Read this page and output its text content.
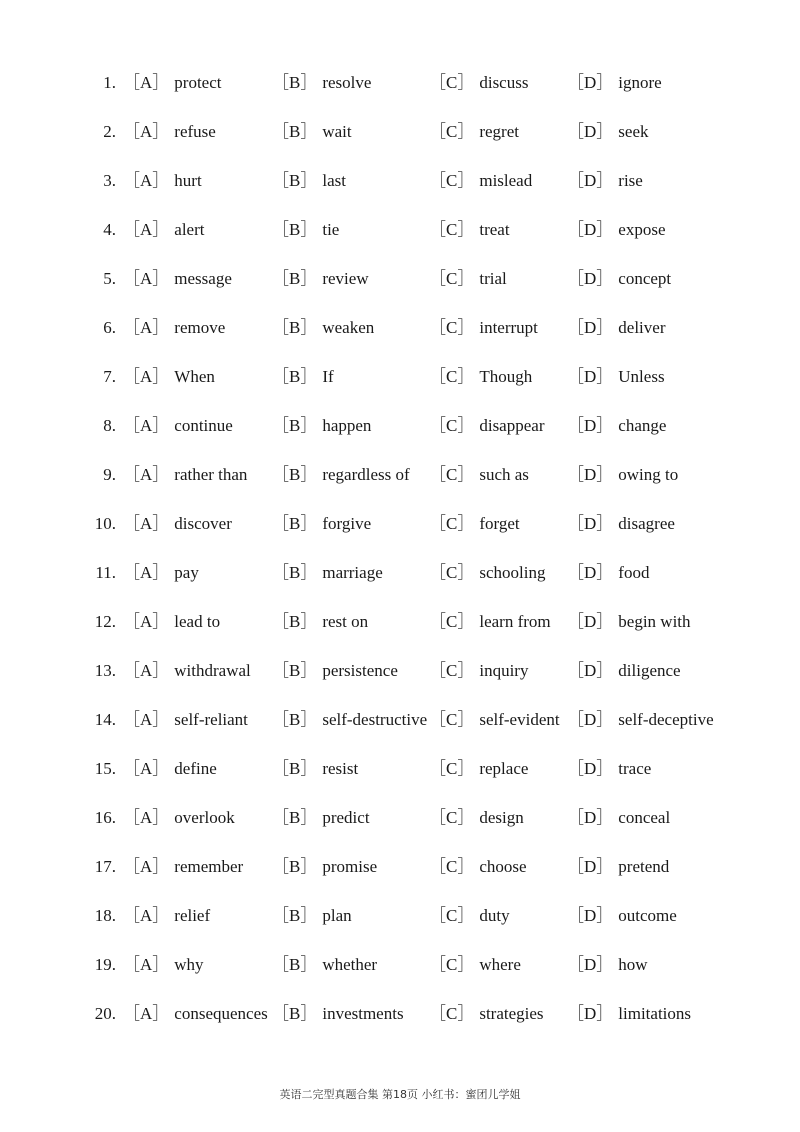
1. ［A］ protect	［B］ resolve	［C］ discuss ［D］ ignore
2. ［A］ refuse	［B］ wait	［C］ regret	［D］ seek
3. ［A］ hurt	［B］ last	［C］ mislead ［D］ rise
4. ［A］ alert	［B］ tie	［C］ treat	［D］ expose
5. ［A］ message ［B］ review	［C］ trial	［D］ concept
6. ［A］ remove	［B］ weaken	［C］ interrupt ［D］ deliver
7. ［A］ When	［B］ If	［C］ Though ［D］ Unless
8. ［A］ continue ［B］ happen	［C］ disappear ［D］ change
9. ［A］ rather than ［B］ regardless of ［C］ such as ［D］ owing to
10. ［A］ discover ［B］ forgive	［C］ forget	［D］ disagree
11. ［A］ pay	［B］ marriage	［C］ schooling ［D］ food
12. ［A］ lead to	［B］ rest on	［C］ learn from ［D］ begin with
13. ［A］ withdrawal ［B］ persistence ［C］ inquiry ［D］ diligence
14. ［A］ self-reliant ［B］ self-destructive ［C］ self-evident ［D］ self-deceptive
15. ［A］ define	［B］ resist	［C］ replace ［D］ trace
16. ［A］ overlook ［B］ predict	［C］ design	［D］ conceal
17. ［A］ remember ［B］ promise	［C］ choose ［D］ pretend
18. ［A］ relief	［B］ plan	［C］ duty	［D］ outcome
19. ［A］ why	［B］ whether	［C］ where	［D］ how
20. ［A］ consequences ［B］ investments ［C］ strategies ［D］ limitations
英语二完型真题合集 第18页 小红书：蜜团儿学姐
